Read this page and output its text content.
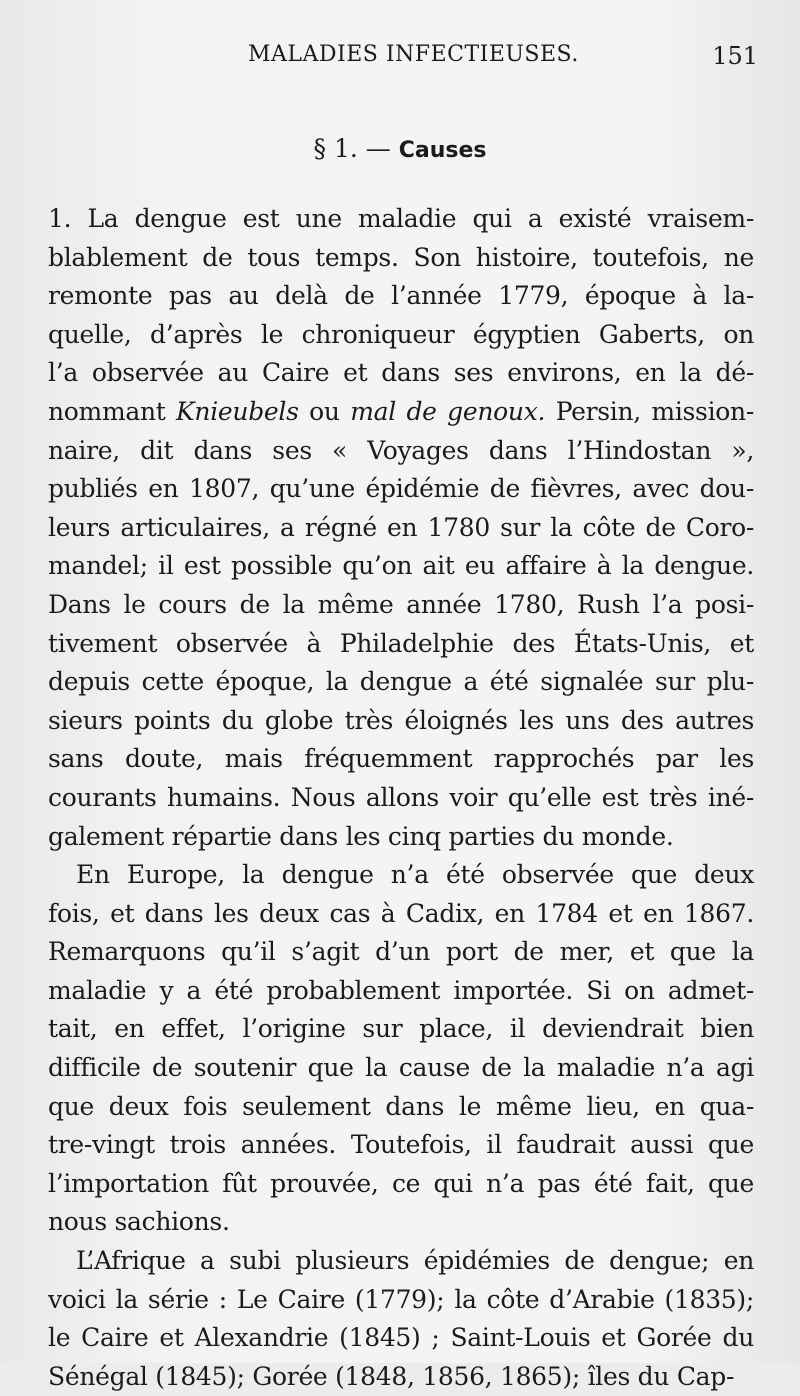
MALADIES INFECTIEUSES.	151
§ 1. — Causes
1. La dengue est une maladie qui a existé vraisem-
blablement de tous temps. Son histoire, toutefois, ne
remonte pas au delà de l’année 1779, époque à la-
quelle, d’après le chroniqueur égyptien Gaberts, on
l’a observée au Caire et dans ses environs, en la dé-
nommant Knieubels ou mal de genoux. Persin, mission-
naire, dit dans ses « Voyages dans l’Hindostan »,
publiés en 1807, qu’une épidémie de fièvres, avec dou-
leurs articulaires, a régné en 1780 sur la côte de Coro-
mandel; il est possible qu’on ait eu affaire à la dengue.
Dans le cours de la même année 1780, Rush l’a posi-
tivement observée à Philadelphie des États-Unis, et
depuis cette époque, la dengue a été signalée sur plu-
sieurs points du globe très éloignés les uns des autres
sans doute, mais fréquemment rapprochés par les
courants humains. Nous allons voir qu’elle est très iné-
galement répartie dans les cinq parties du monde.
En Europe, la dengue n’a été observée que deux
fois, et dans les deux cas à Cadix, en 1784 et en 1867.
Remarquons qu’il s’agit d’un port de mer, et que la
maladie y a été probablement importée. Si on admet-
tait, en effet, l’origine sur place, il deviendrait bien
difficile de soutenir que la cause de la maladie n’a agi
que deux fois seulement dans le même lieu, en qua-
tre-vingt trois années. Toutefois, il faudrait aussi que
l’importation fût prouvée, ce qui n’a pas été fait, que
nous sachions.
L’Afrique a subi plusieurs épidémies de dengue; en
voici la série : Le Caire (1779); la côte d’Arabie (1835);
le Caire et Alexandrie (1845) ; Saint-Louis et Gorée du
Sénégal (1845); Gorée (1848, 1856, 1865); îles du Cap-
